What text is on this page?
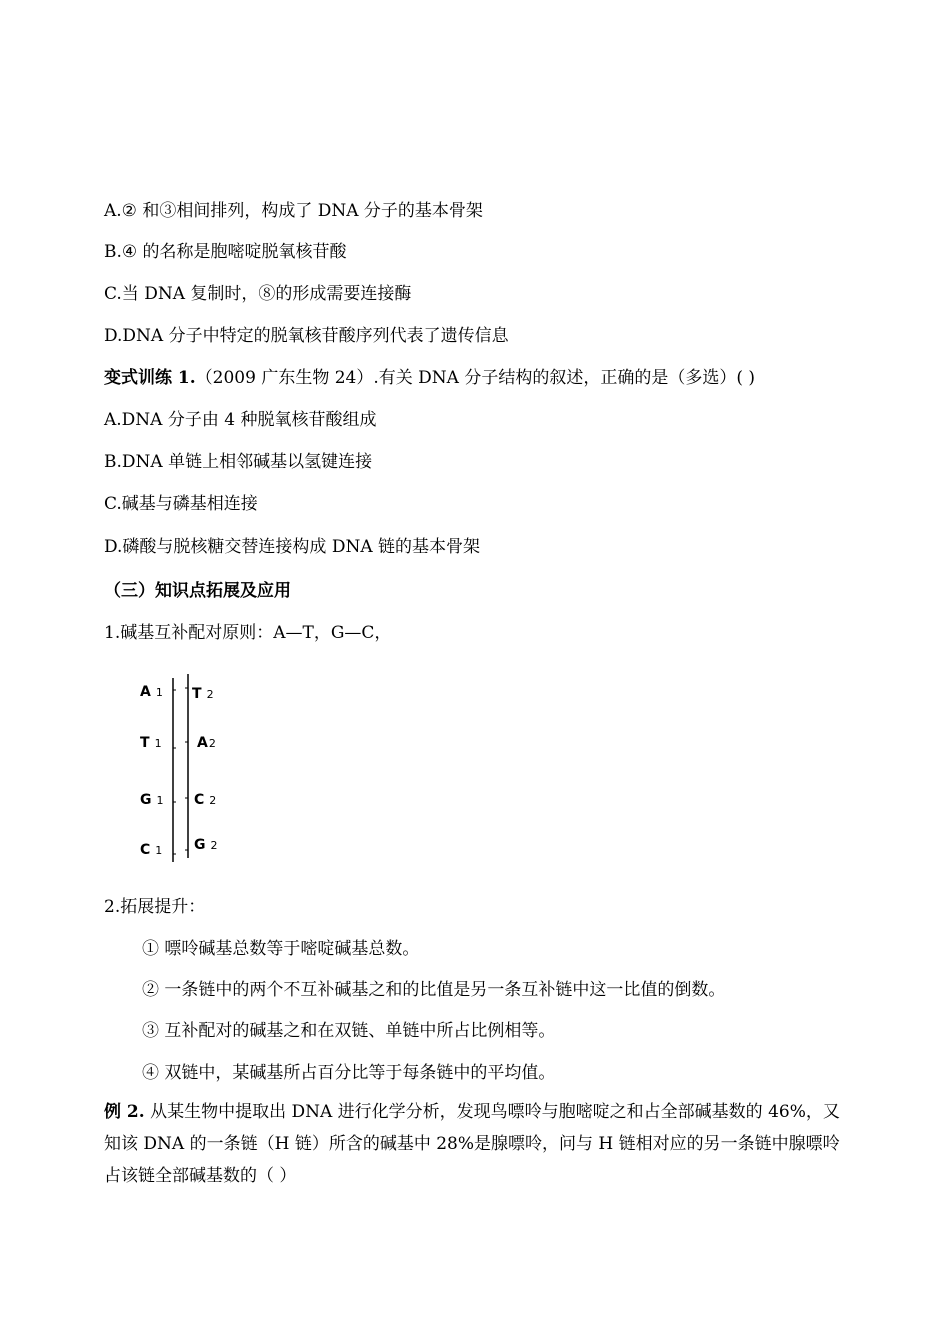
A.② 和③相间排列，构成了 DNA 分子的基本骨架
B.④ 的名称是胞嘧啶脱氧核苷酸
C.当 DNA 复制时，⑧的形成需要连接酶
D.DNA 分子中特定的脱氧核苷酸序列代表了遗传信息
变式训练 1.（2009 广东生物 24）.有关 DNA 分子结构的叙述，正确的是（多选）( )
A.DNA 分子由 4 种脱氧核苷酸组成
B.DNA 单链上相邻碱基以氢键连接
C.碱基与磷基相连接
D.磷酸与脱核糖交替连接构成 DNA 链的基本骨架
（三）知识点拓展及应用
1.碱基互补配对原则：A—T，G—C，
A 1
T 1
G 1
C 1
T 2
A2
C 2
G 2
2.拓展提升：
① 嘌呤碱基总数等于嘧啶碱基总数。
② 一条链中的两个不互补碱基之和的比值是另一条互补链中这一比值的倒数。
③ 互补配对的碱基之和在双链、单链中所占比例相等。
④ 双链中，某碱基所占百分比等于每条链中的平均值。
例 2. 从某生物中提取出 DNA 进行化学分析，发现鸟嘌呤与胞嘧啶之和占全部碱基数的 46%，又知该 DNA 的一条链（H 链）所含的碱基中 28%是腺嘌呤，问与 H 链相对应的另一条链中腺嘌呤占该链全部碱基数的（ ）
